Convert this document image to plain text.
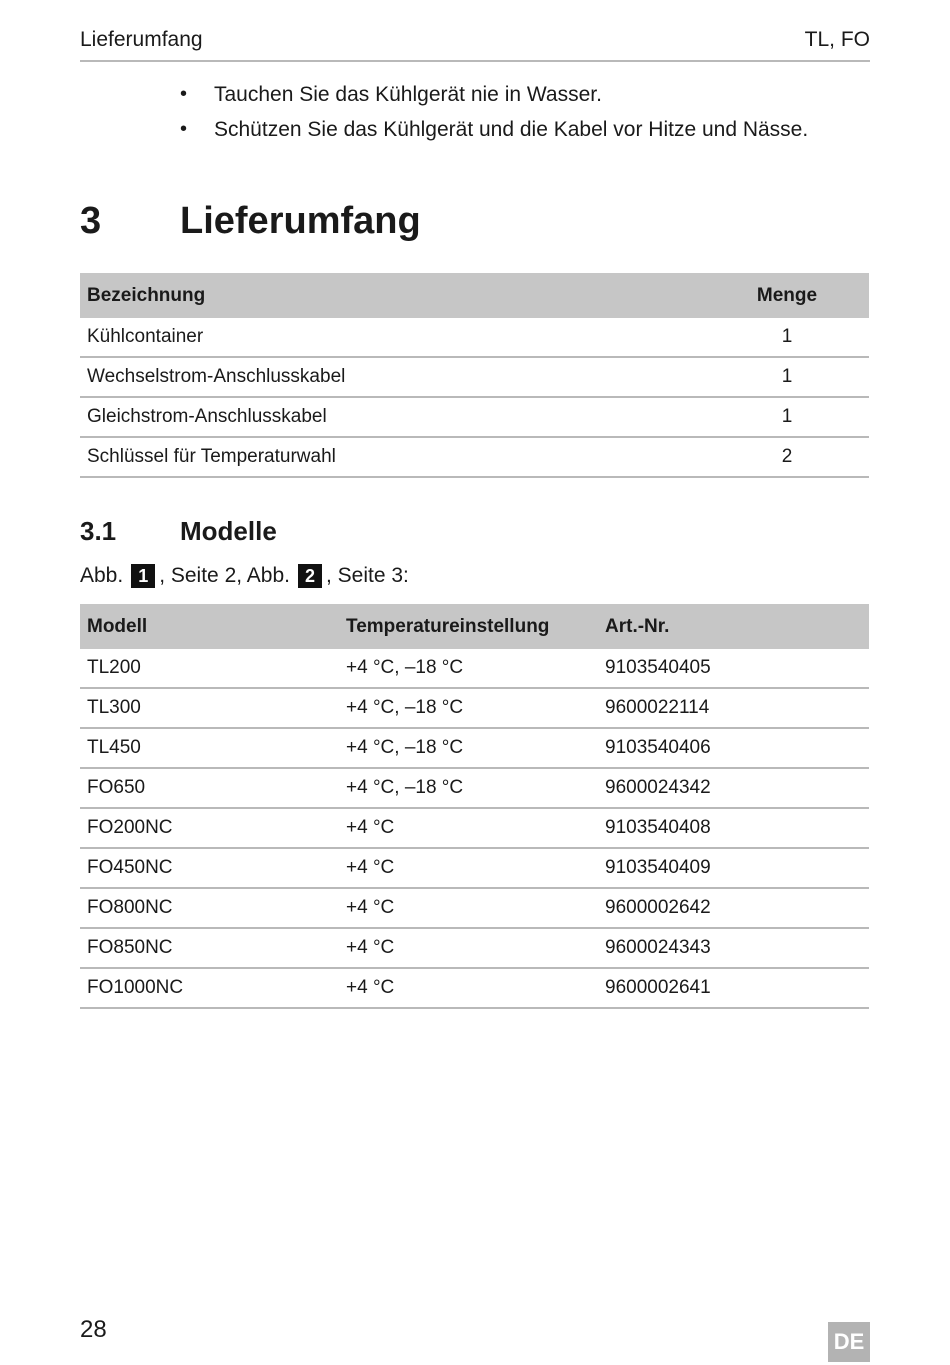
Lieferumfang	TL, FO
•	Tauchen Sie das Kühlgerät nie in Wasser.
•	Schützen Sie das Kühlgerät und die Kabel vor Hitze und Nässe.
3	Lieferumfang
Bezeichnung	Menge
Kühlcontainer	1
Wechselstrom-Anschlusskabel	1
Gleichstrom-Anschlusskabel	1
Schlüssel für Temperaturwahl	2
3.1	Modelle
Abb. 1 , Seite 2, Abb. 2 , Seite 3:
Modell	Temperatureinstellung	Art.-Nr.
TL200	+4 °C, –18 °C	9103540405
TL300	+4 °C, –18 °C	9600022114
TL450	+4 °C, –18 °C	9103540406
FO650	+4 °C, –18 °C	9600024342
FO200NC	+4 °C	9103540408
FO450NC	+4 °C	9103540409
FO800NC	+4 °C	9600002642
FO850NC	+4 °C	9600024343
FO1000NC	+4 °C	9600002641
28	DE
